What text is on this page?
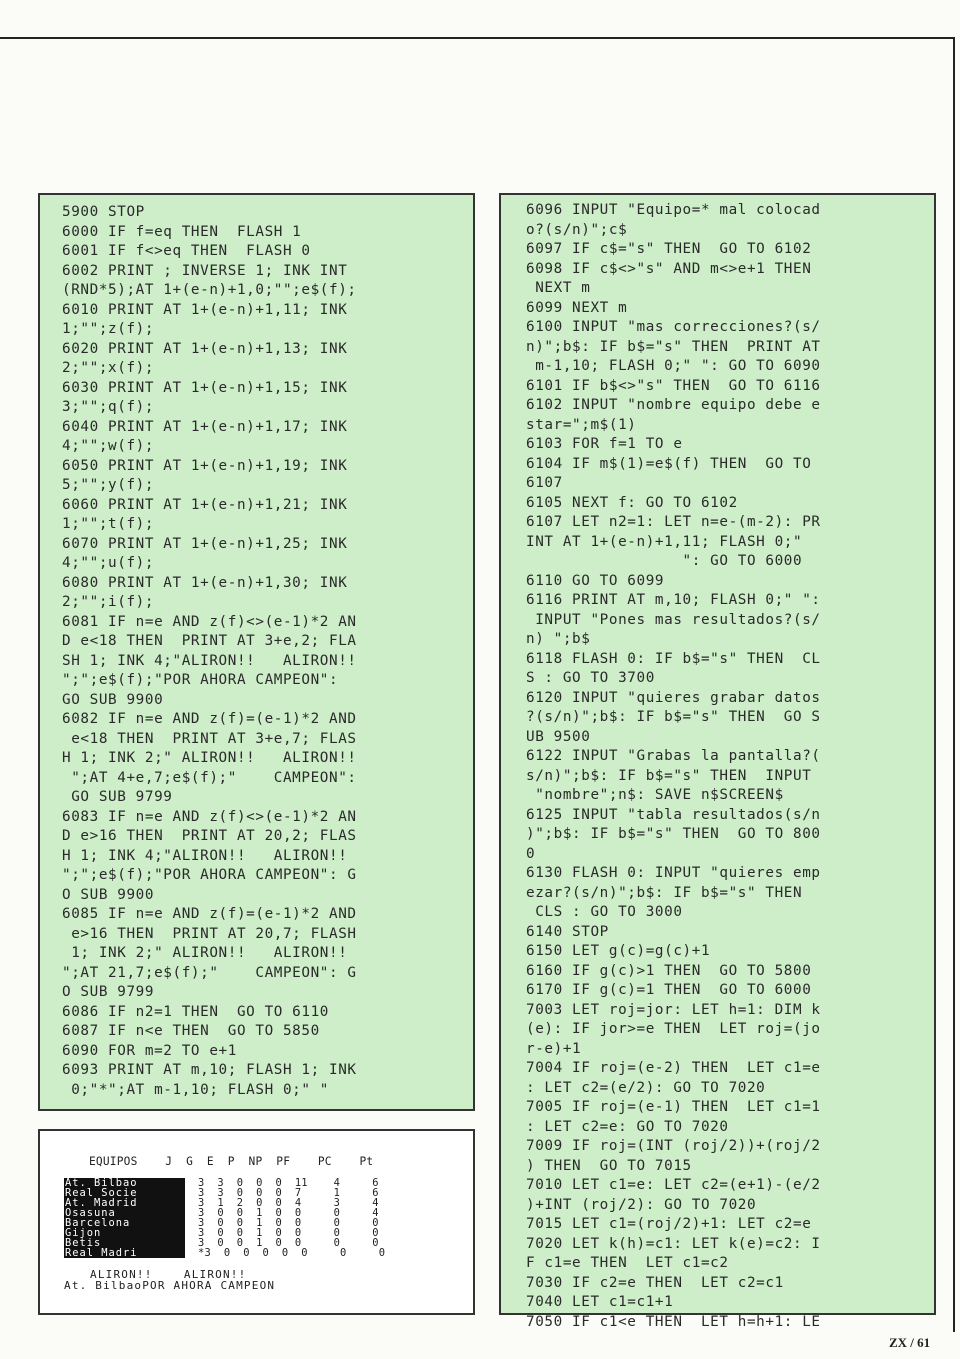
5900 STOP
6000 IF f=eq THEN  FLASH 1
6001 IF f<>eq THEN  FLASH 0
6002 PRINT ; INVERSE 1; INK INT
(RND*5);AT 1+(e-n)+1,0;"";e$(f);
6010 PRINT AT 1+(e-n)+1,11; INK
1;"";z(f);
6020 PRINT AT 1+(e-n)+1,13; INK
2;"";x(f);
6030 PRINT AT 1+(e-n)+1,15; INK
3;"";q(f);
6040 PRINT AT 1+(e-n)+1,17; INK
4;"";w(f);
6050 PRINT AT 1+(e-n)+1,19; INK
5;"";y(f);
6060 PRINT AT 1+(e-n)+1,21; INK
1;"";t(f);
6070 PRINT AT 1+(e-n)+1,25; INK
4;"";u(f);
6080 PRINT AT 1+(e-n)+1,30; INK
2;"";i(f);
6081 IF n=e AND z(f)<>(e-1)*2 AN
D e<18 THEN  PRINT AT 3+e,2; FLA
SH 1; INK 4;"ALIRON!!   ALIRON!!
";";e$(f);"POR AHORA CAMPEON":
GO SUB 9900
6082 IF n=e AND z(f)=(e-1)*2 AND
e<18 THEN  PRINT AT 3+e,7; FLAS
H 1; INK 2;" ALIRON!!   ALIRON!!
";AT 4+e,7;e$(f);"    CAMPEON":
GO SUB 9799
6083 IF n=e AND z(f)<>(e-1)*2 AN
D e>16 THEN  PRINT AT 20,2; FLAS
H 1; INK 4;"ALIRON!!   ALIRON!!
";";e$(f);"POR AHORA CAMPEON": G
O SUB 9900
6085 IF n=e AND z(f)=(e-1)*2 AND
e>16 THEN  PRINT AT 20,7; FLASH
1; INK 2;" ALIRON!!   ALIRON!!
";AT 21,7;e$(f);"    CAMPEON": G
O SUB 9799
6086 IF n2=1 THEN  GO TO 6110
6087 IF n<e THEN  GO TO 5850
6090 FOR m=2 TO e+1
6093 PRINT AT m,10; FLASH 1; INK
0;"*";AT m-1,10; FLASH 0;" "
6096 INPUT "Equipo=* mal colocad
o?(s/n)";c$
6097 IF c$="s" THEN  GO TO 6102
6098 IF c$<>"s" AND m<>e+1 THEN
NEXT m
6099 NEXT m
6100 INPUT "mas correcciones?(s/
n)";b$: IF b$="s" THEN  PRINT AT
m-1,10; FLASH 0;" ": GO TO 6090
6101 IF b$<>"s" THEN  GO TO 6116
6102 INPUT "nombre equipo debe e
star=";m$(1)
6103 FOR f=1 TO e
6104 IF m$(1)=e$(f) THEN  GO TO
6107
6105 NEXT f: GO TO 6102
6107 LET n2=1: LET n=e-(m-2): PR
INT AT 1+(e-n)+1,11; FLASH 0;"
": GO TO 6000
6110 GO TO 6099
6116 PRINT AT m,10; FLASH 0;" ":
INPUT "Pones mas resultados?(s/
n) ";b$
6118 FLASH 0: IF b$="s" THEN  CL
S : GO TO 3700
6120 INPUT "quieres grabar datos
?(s/n)";b$: IF b$="s" THEN  GO S
UB 9500
6122 INPUT "Grabas la pantalla?(
s/n)";b$: IF b$="s" THEN  INPUT
"nombre";n$: SAVE n$SCREEN$
6125 INPUT "tabla resultados(s/n
)";b$: IF b$="s" THEN  GO TO 800
0
6130 FLASH 0: INPUT "quieres emp
ezar?(s/n)";b$: IF b$="s" THEN
CLS : GO TO 3000
6140 STOP
6150 LET g(c)=g(c)+1
6160 IF g(c)>1 THEN  GO TO 5800
6170 IF g(c)=1 THEN  GO TO 6000
7003 LET roj=jor: LET h=1: DIM k
(e): IF jor>=e THEN  LET roj=(jo
r-e)+1
7004 IF roj=(e-2) THEN  LET c1=e
: LET c2=(e/2): GO TO 7020
7005 IF roj=(e-1) THEN  LET c1=1
: LET c2=e: GO TO 7020
7009 IF roj=(INT (roj/2))+(roj/2
) THEN  GO TO 7015
7010 LET c1=e: LET c2=(e+1)-(e/2
)+INT (roj/2): GO TO 7020
7015 LET c1=(roj/2)+1: LET c2=e
7020 LET k(h)=c1: LET k(e)=c2: I
F c1=e THEN  LET c1=c2
7030 IF c2=e THEN  LET c2=c1
7040 LET c1=c1+1
7050 IF c1<e THEN  LET h=h+1: LE
EQUIPOS    J  G  E  P  NP  PF    PC    Pt
At. Bilbao
Real Socie
At. Madrid
Osasuna
Barcelona
Gijon
Betis
Real Madri
3  3  0  0  0  11    4     6
3  3  0  0  0  7     1     6
3  1  2  0  0  4     3     4
3  0  0  1  0  0     0     4
3  0  0  1  0  0     0     0
3  0  0  1  0  0     0     0
3  0  0  1  0  0     0     0
*3  0  0  0  0  0     0     0
ALIRON!!    ALIRON!!
At. BilbaoPOR AHORA CAMPEON
ZX / 61
